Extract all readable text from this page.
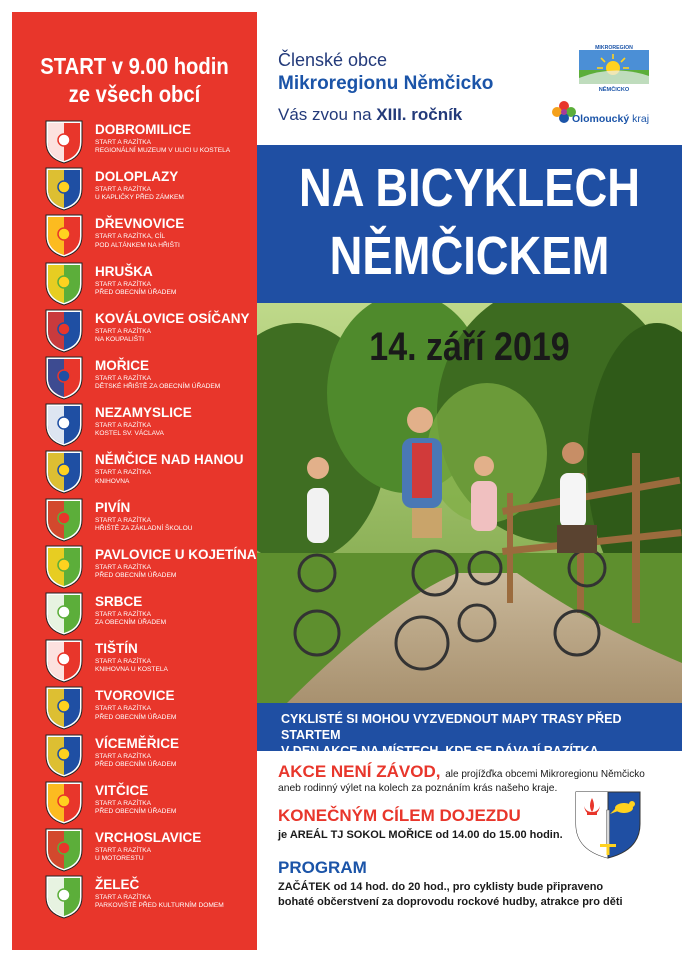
START v 9.00 hodin
ze všech obcí
DOBROMILICE
START A RAZÍTKA
REGIONÁLNÍ MUZEUM V ULICI U KOSTELA
DOLOPLAZY
START A RAZÍTKA
U KAPLIČKY PŘED ZÁMKEM
DŘEVNOVICE
START A RAZÍTKA, CÍL
POD ALTÁNKEM NA HŘIŠTI
HRUŠKA
START A RAZÍTKA
PŘED OBECNÍM ÚŘADEM
KOVÁLOVICE OSÍČANY
START A RAZÍTKA
NA KOUPALIŠTI
MOŘICE
START A RAZÍTKA
DĚTSKÉ HŘIŠTĚ ZA OBECNÍM ÚŘADEM
NEZAMYSLICE
START A RAZÍTKA
KOSTEL SV. VÁCLAVA
NĚMČICE NAD HANOU
START A RAZÍTKA
KNIHOVNA
PIVÍN
START A RAZÍTKA
HŘIŠTĚ ZA ZÁKLADNÍ ŠKOLOU
PAVLOVICE U KOJETÍNA
START A RAZÍTKA
PŘED OBECNÍM ÚŘADEM
SRBCE
START A RAZÍTKA
ZA OBECNÍM ÚŘADEM
TIŠTÍN
START A RAZÍTKA
KNIHOVNA U KOSTELA
TVOROVICE
START A RAZÍTKA
PŘED OBECNÍM ÚŘADEM
VÍCEMĚŘICE
START A RAZÍTKA
PŘED OBECNÍM ÚŘADEM
VITČICE
START A RAZÍTKA
PŘED OBECNÍM ÚŘADEM
VRCHOSLAVICE
START A RAZÍTKA
U MOTORESTU
ŽELEČ
START A RAZÍTKA
PARKOVIŠTĚ PŘED KULTURNÍM DOMEM
Členské obce
Mikroregionu Němčicko
Vás zvou na XIII. ročník
MIKROREGION
NĚMČICKO
Olomoucký kraj
NA BICYKLECH
NĚMČICKEM
14. září 2019
CYKLISTÉ SI MOHOU VYZVEDNOUT MAPY TRASY PŘED STARTEM
V DEN AKCE NA MÍSTECH, KDE SE DÁVAJÍ RAZÍTKA
AKCE NENÍ ZÁVOD, ale projížďka obcemi Mikroregionu Němčicko
aneb rodinný výlet na kolech za poznáním krás našeho kraje.
KONEČNÝM CÍLEM DOJEZDU
je AREÁL TJ SOKOL MOŘICE od 14.00 do 15.00 hodin.
PROGRAM
ZAČÁTEK od 14 hod. do 20 hod., pro cyklisty bude připraveno
bohaté občerstvení za doprovodu rockové hudby, atrakce pro děti
